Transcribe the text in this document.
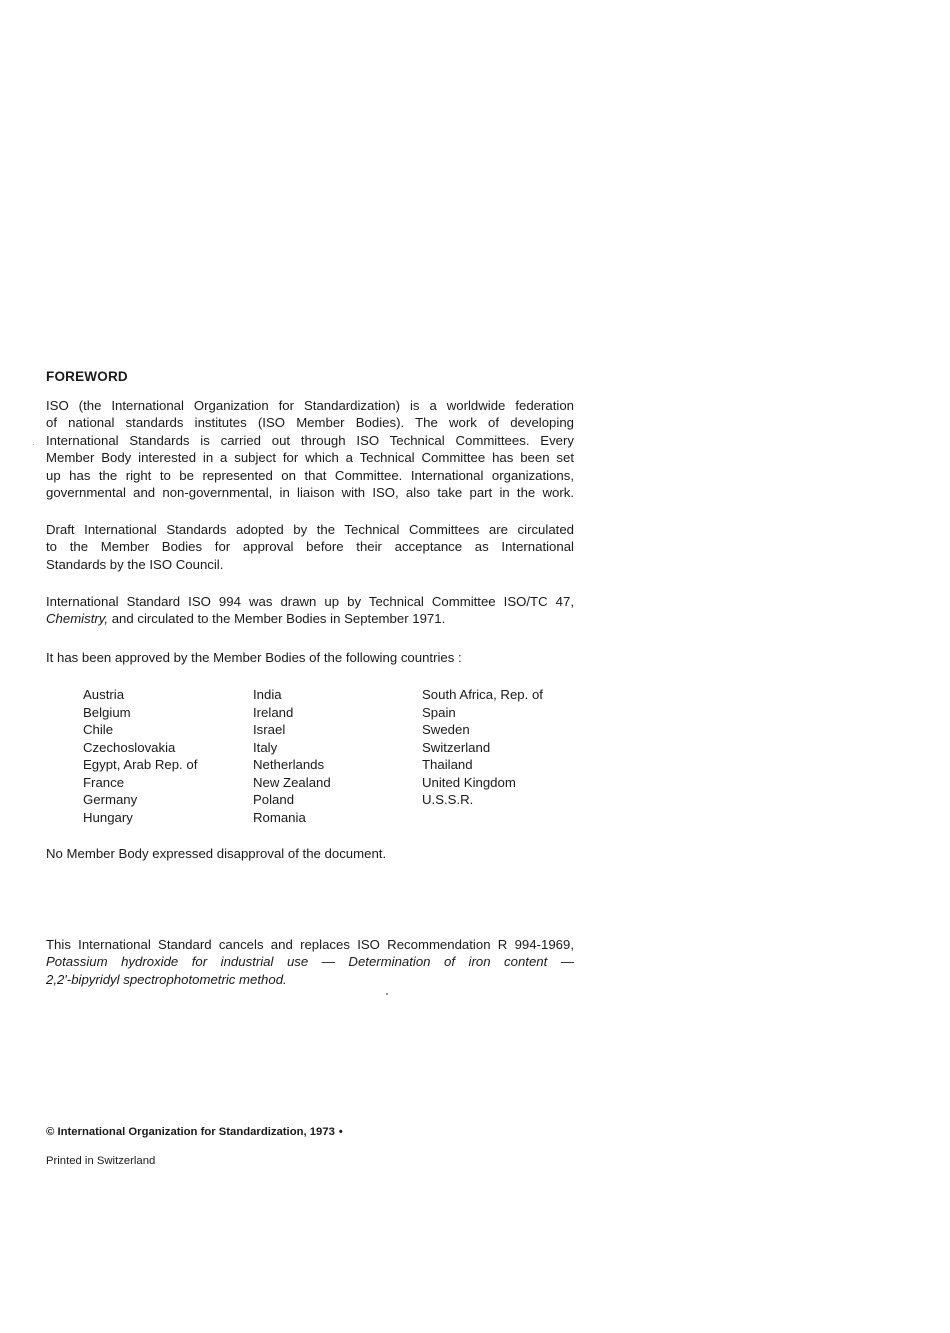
FOREWORD
ISO (the International Organization for Standardization) is a worldwide federation
of national standards institutes (ISO Member Bodies). The work of developing
International Standards is carried out through ISO Technical Committees. Every
Member Body interested in a subject for which a Technical Committee has been set
up has the right to be represented on that Committee. International organizations,
governmental and non-governmental, in liaison with ISO, also take part in the work.
Draft International Standards adopted by the Technical Committees are circulated
to the Member Bodies for approval before their acceptance as International
Standards by the ISO Council.
International Standard ISO 994 was drawn up by Technical Committee ISO/TC 47,
Chemistry, and circulated to the Member Bodies in September 1971.
It has been approved by the Member Bodies of the following countries :
Austria
Belgium
Chile
Czechoslovakia
Egypt, Arab Rep. of
France
Germany
Hungary
India
Ireland
Israel
Italy
Netherlands
New Zealand
Poland
Romania
South Africa, Rep. of
Spain
Sweden
Switzerland
Thailand
United Kingdom
U.S.S.R.
No Member Body expressed disapproval of the document.
This International Standard cancels and replaces ISO Recommendation R 994-1969,
Potassium hydroxide for industrial use — Determination of iron content —
2,2′-bipyridyl spectrophotometric method.
© International Organization for Standardization, 1973 •
Printed in Switzerland
